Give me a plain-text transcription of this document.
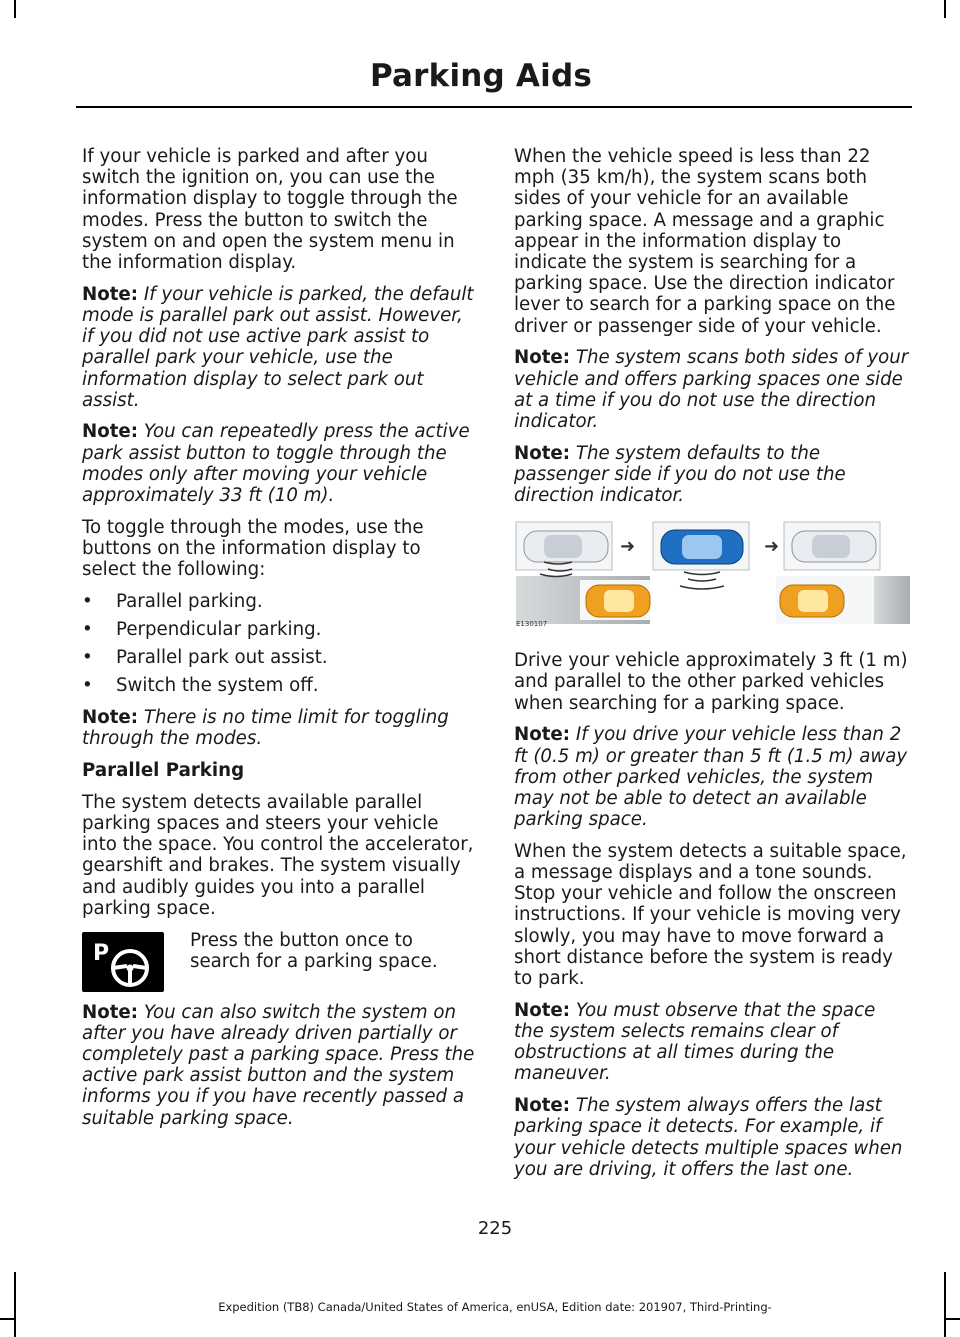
Parking Aids

If your vehicle is parked and after you switch the ignition on, you can use the information display to toggle through the modes. Press the button to switch the system on and open the system menu in the information display.

Note: If your vehicle is parked, the default mode is parallel park out assist. However, if you did not use active park assist to parallel park your vehicle, use the information display to select park out assist.

Note: You can repeatedly press the active park assist button to toggle through the modes only after moving your vehicle approximately 33 ft (10 m).

To toggle through the modes, use the buttons on the information display to select the following:

• Parallel parking.
• Perpendicular parking.
• Parallel park out assist.
• Switch the system off.

Note: There is no time limit for toggling through the modes.

Parallel Parking

The system detects available parallel parking spaces and steers your vehicle into the space. You control the accelerator, gearshift and brakes. The system visually and audibly guides you into a parallel parking space.

P
Press the button once to search for a parking space.

Note: You can also switch the system on after you have already driven partially or completely past a parking space. Press the active park assist button and the system informs you if you have recently passed a suitable parking space.

When the vehicle speed is less than 22 mph (35 km/h), the system scans both sides of your vehicle for an available parking space. A message and a graphic appear in the information display to indicate the system is searching for a parking space. Use the direction indicator lever to search for a parking space on the driver or passenger side of your vehicle.

Note: The system scans both sides of your vehicle and offers parking spaces one side at a time if you do not use the direction indicator.

Note: The system defaults to the passenger side if you do not use the direction indicator.

➜	➜
E130107

Drive your vehicle approximately 3 ft (1 m) and parallel to the other parked vehicles when searching for a parking space.

Note: If you drive your vehicle less than 2 ft (0.5 m) or greater than 5 ft (1.5 m) away from other parked vehicles, the system may not be able to detect an available parking space.

When the system detects a suitable space, a message displays and a tone sounds. Stop your vehicle and follow the onscreen instructions. If your vehicle is moving very slowly, you may have to move forward a short distance before the system is ready to park.

Note: You must observe that the space the system selects remains clear of obstructions at all times during the maneuver.

Note: The system always offers the last parking space it detects. For example, if your vehicle detects multiple spaces when you are driving, it offers the last one.

225
Expedition (TB8) Canada/United States of America, enUSA, Edition date: 201907, Third-Printing-
